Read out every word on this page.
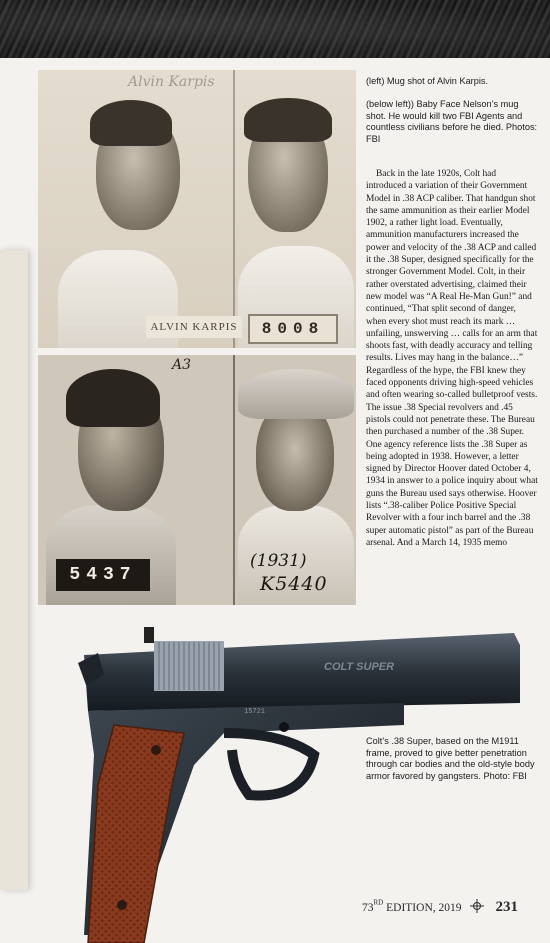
Alvin Karpis
ALVIN KARPIS	8008
A3
5437
(1931)
K5440
(left) Mug shot of Alvin Karpis.
(below left)) Baby Face Nelson’s mug shot. He would kill two FBI Agents and countless civilians before he died. Photos: FBI

Back in the late 1920s, Colt had introduced a variation of their Government Model in .38 ACP caliber. That handgun shot the same ammunition as their earlier Model 1902, a rather light load. Eventually, ammunition manufacturers increased the power and velocity of the .38 ACP and called it the .38 Super, designed specifically for the stronger Government Model. Colt, in their rather overstated advertising, claimed their new model was “A Real He-Man Gun!” and continued, “That split second of danger, when every shot must reach its mark … unfailing, unswerving … calls for an arm that shoots fast, with deadly accuracy and telling results. Lives may hang in the balance…” Regardless of the hype, the FBI knew they faced opponents driving high-speed vehicles and often wearing so-called bulletproof vests. The issue .38 Special revolvers and .45 pistols could not penetrate these. The Bureau then purchased a number of the .38 Super. One agency reference lists the .38 Super as being adopted in 1938. However, a letter signed by Director Hoover dated October 4, 1934 in answer to a police inquiry about what guns the Bureau used says otherwise. Hoover lists “.38-caliber Police Positive Special Revolver with a four inch barrel and the .38 super automatic pistol” as part of the Bureau arsenal. And a March 14, 1935 memo

COLT SUPER
15721
Colt’s .38 Super, based on the M1911 frame, proved to give better penetration through car bodies and the old-style body armor favored by gangsters. Photo: FBI
73RD EDITION, 2019 231
